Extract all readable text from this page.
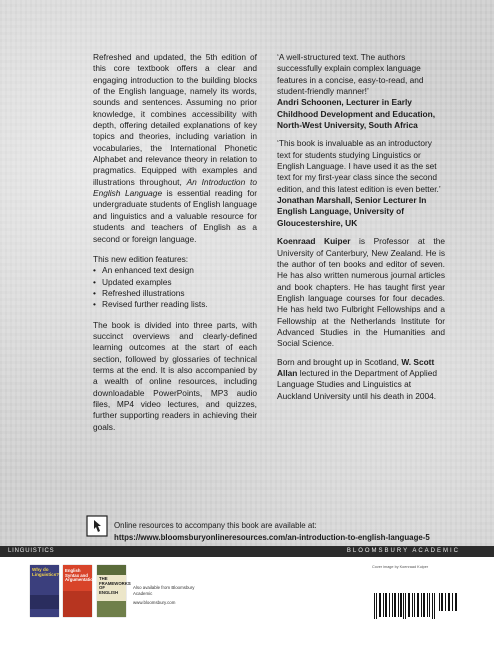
Refreshed and updated, the 5th edition of this core textbook offers a clear and engaging introduction to the building blocks of the English language, namely its words, sounds and sentences. Assuming no prior knowledge, it combines accessibility with depth, offering detailed explanations of key topics and theories, including variation in vocabularies, the International Phonetic Alphabet and relevance theory in relation to pragmatics. Equipped with examples and illustrations throughout, An Introduction to English Language is essential reading for undergraduate students of English language and linguistics and a valuable resource for students and teachers of English as a second or foreign language.

This new edition features:

• An enhanced text design
• Updated examples
• Refreshed illustrations
• Revised further reading lists.

The book is divided into three parts, with succinct overviews and clearly-defined learning outcomes at the start of each section, followed by glossaries of technical terms at the end. It is also accompanied by a wealth of online resources, including downloadable PowerPoints, MP3 audio files, MP4 video lectures, and quizzes, further supporting readers in achieving their goals.

‘A well-structured text. The authors successfully explain complex language features in a concise, easy-to-read, and student-friendly manner!’

Andri Schoonen, Lecturer in Early Childhood Development and Education, North-West University, South Africa

‘This book is invaluable as an introductory text for students studying Linguistics or English Language. I have used it as the set text for my first-year class since the second edition, and this latest edition is even better.’

Jonathan Marshall, Senior Lecturer In English Language, University of Gloucestershire, UK

Koenraad Kuiper is Professor at the University of Canterbury, New Zealand. He is the author of ten books and editor of seven. He has also written numerous journal articles and book chapters. He has taught first year English language courses for four decades. He has held two Fulbright Fellowships and a Fellowship at the Netherlands Institute for Advanced Studies in the Humanities and Social Science.

Born and brought up in Scotland, W. Scott Allan lectured in the Department of Applied Language Studies and Linguistics at Auckland University until his death in 2004.

Online resources to accompany this book are available at:
https://www.bloomsburyonlineresources.com/an-introduction-to-english-language-5
LINGUISTICS	BLOOMSBURY ACADEMIC
Why do Linguistics?
English Syntax and Argumentation THE FRAMEWORKS OF ENGLISH
Also available from Bloomsbury Academic
www.bloomsbury.com
Cover image by Koenraad Kuiper
